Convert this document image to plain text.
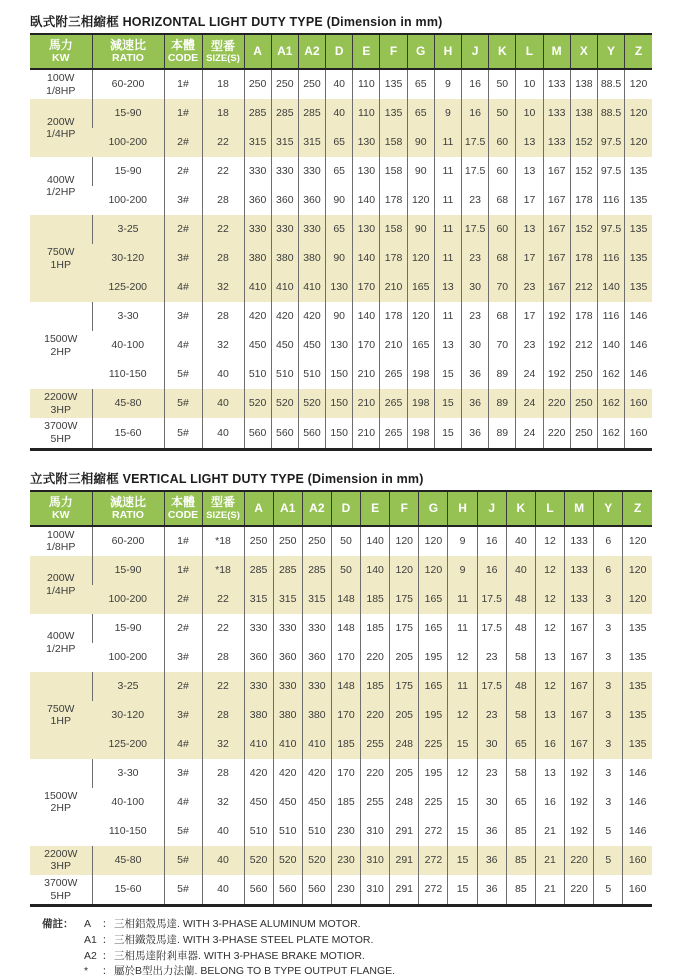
臥式附三相縮框 HORIZONTAL LIGHT DUTY TYPE (Dimension in mm)
馬力
KW

減速比
RATIO

本體
CODE

型番
SIZE(S)	A	A1	A2	D	E	F	G	H	J	K	L	M	X	Y	Z

100W
1/8HP	60-200	1#	18	250	250	250	40	110	135	65	9	16	50	10	133	138	88.5	120

200W
1/4HP	15-90	1#	18	285	285	285	40	110	135	65	9	16	50	10	133	138	88.5	120
	100-200	2#	22	315	315	315	65	130	158	90	11	17.5	60	13	133	152	97.5	120

400W
1/2HP	15-90	2#	22	330	330	330	65	130	158	90	11	17.5	60	13	167	152	97.5	135
	100-200	3#	28	360	360	360	90	140	178	120	11	23	68	17	167	178	116	135

750W
1HP	3-25	2#	22	330	330	330	65	130	158	90	11	17.5	60	13	167	152	97.5	135
	30-120	3#	28	380	380	380	90	140	178	120	11	23	68	17	167	178	116	135
	125-200	4#	32	410	410	410	130	170	210	165	13	30	70	23	167	212	140	135

1500W
2HP	3-30	3#	28	420	420	420	90	140	178	120	11	23	68	17	192	178	116	146
	40-100	4#	32	450	450	450	130	170	210	165	13	30	70	23	192	212	140	146
	110-150	5#	40	510	510	510	150	210	265	198	15	36	89	24	192	250	162	146

2200W
3HP	45-80	5#	40	520	520	520	150	210	265	198	15	36	89	24	220	250	162	160

3700W
5HP	15-60	5#	40	560	560	560	150	210	265	198	15	36	89	24	220	250	162	160
立式附三相縮框 VERTICAL LIGHT DUTY TYPE (Dimension in mm)
馬力
KW

減速比
RATIO

本體
CODE

型番
SIZE(S)	A	A1	A2	D	E	F	G	H	J	K	L	M	Y	Z

100W
1/8HP	60-200	1#	*18	250	250	250	50	140	120	120	9	16	40	12	133	6	120

200W
1/4HP	15-90	1#	*18	285	285	285	50	140	120	120	9	16	40	12	133	6	120
	100-200	2#	22	315	315	315	148	185	175	165	11	17.5	48	12	133	3	120

400W
1/2HP	15-90	2#	22	330	330	330	148	185	175	165	11	17.5	48	12	167	3	135
	100-200	3#	28	360	360	360	170	220	205	195	12	23	58	13	167	3	135

750W
1HP	3-25	2#	22	330	330	330	148	185	175	165	11	17.5	48	12	167	3	135
	30-120	3#	28	380	380	380	170	220	205	195	12	23	58	13	167	3	135
	125-200	4#	32	410	410	410	185	255	248	225	15	30	65	16	167	3	135

1500W
2HP	3-30	3#	28	420	420	420	170	220	205	195	12	23	58	13	192	3	146
	40-100	4#	32	450	450	450	185	255	248	225	15	30	65	16	192	3	146
	110-150	5#	40	510	510	510	230	310	291	272	15	36	85	21	192	5	146

2200W
3HP	45-80	5#	40	520	520	520	230	310	291	272	15	36	85	21	220	5	160

3700W
5HP	15-60	5#	40	560	560	560	230	310	291	272	15	36	85	21	220	5	160
備註：	A	： 三相鋁殼馬達. WITH 3-PHASE ALUMINUM MOTOR.
A1 ： 三相鐵殼馬達. WITH 3-PHASE STEEL PLATE MOTOR.
A2 ： 三相馬達附剎車器. WITH 3-PHASE BRAKE MOTIOR.
*	： 屬於B型出力法蘭. BELONG TO B TYPE OUTPUT FLANGE.
